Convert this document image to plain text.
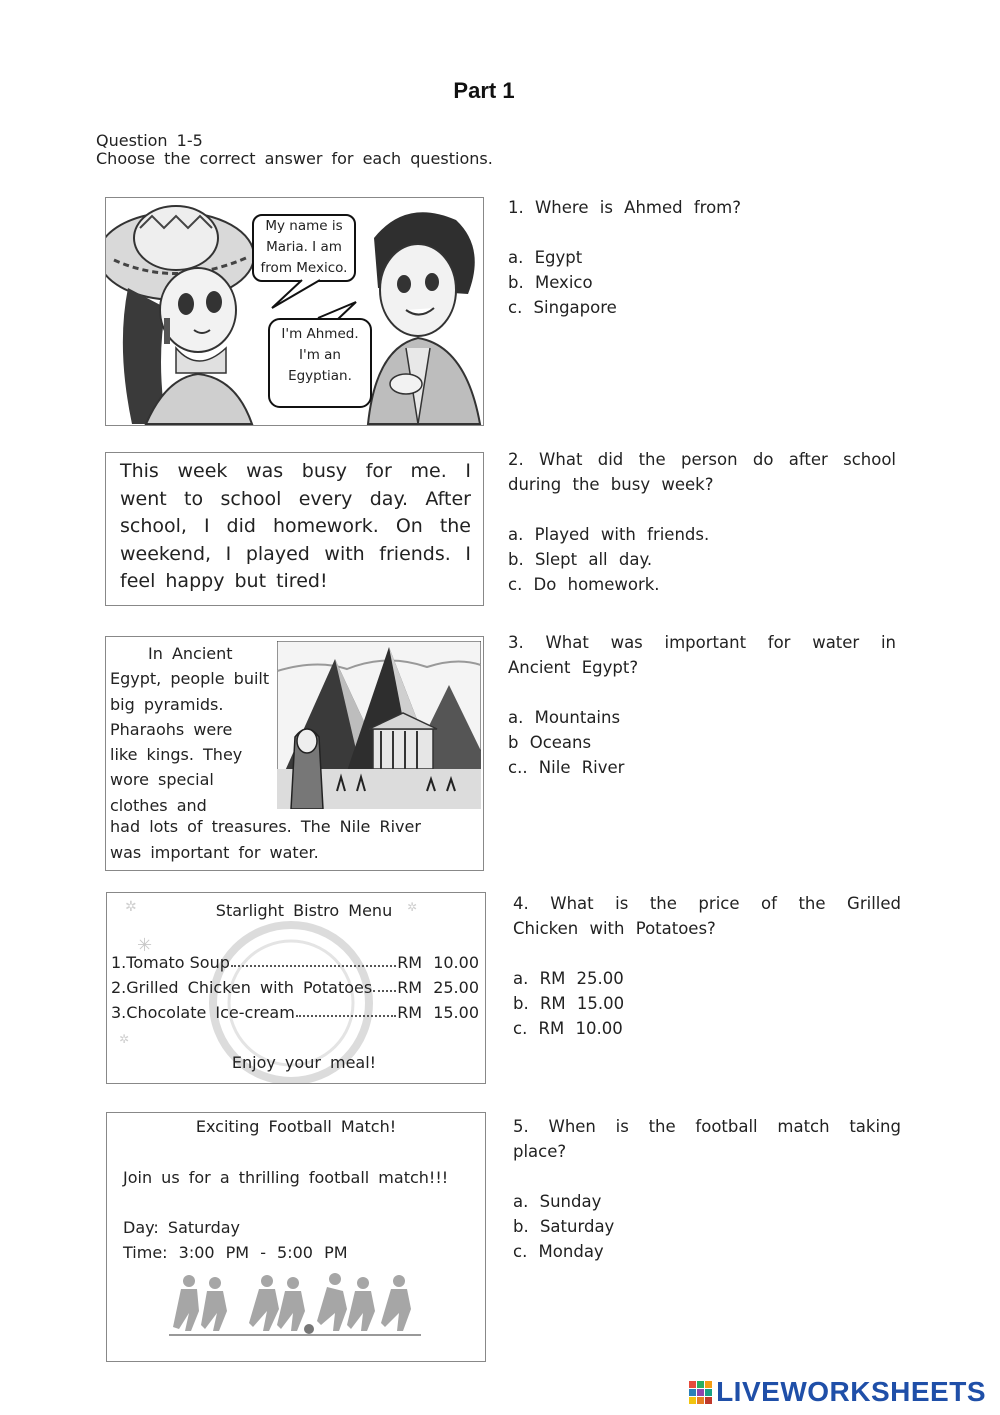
Part 1
Question 1-5
Choose the correct answer for each questions.
My name is
Maria. I am
from Mexico.
I'm Ahmed.
I'm an
Egyptian.
This week was busy for me. I
went to school every day. After
school, I did homework. On the
weekend, I played with friends. I
feel happy but tired!
In Ancient
Egypt, people built
big pyramids.
Pharaohs were
like kings. They
wore special
clothes and
had lots of treasures. The Nile River
was important for water.
✳
✲	✲
✲
Starlight Bistro Menu
1.Tomato Soup	RM 10.00
2.Grilled Chicken with Potatoes RM 25.00
3.Chocolate Ice-cream	RM 15.00
Enjoy your meal!
Exciting Football Match!
Join us for a thrilling football match!!!
Day: Saturday
Time: 3:00 PM - 5:00 PM
1. Where is Ahmed from?
a. Egypt
b. Mexico
c. Singapore
2. What did the person do after school
during the busy week?
a. Played with friends.
b. Slept all day.
c. Do homework.
3. What was important for water in
Ancient Egypt?
a. Mountains
b Oceans
c.. Nile River
4. What is the price of the Grilled
Chicken with Potatoes?
a. RM 25.00
b. RM 15.00
c. RM 10.00
5. When is the football match taking
place?
a. Sunday
b. Saturday
c. Monday
LIVEWORKSHEETS
